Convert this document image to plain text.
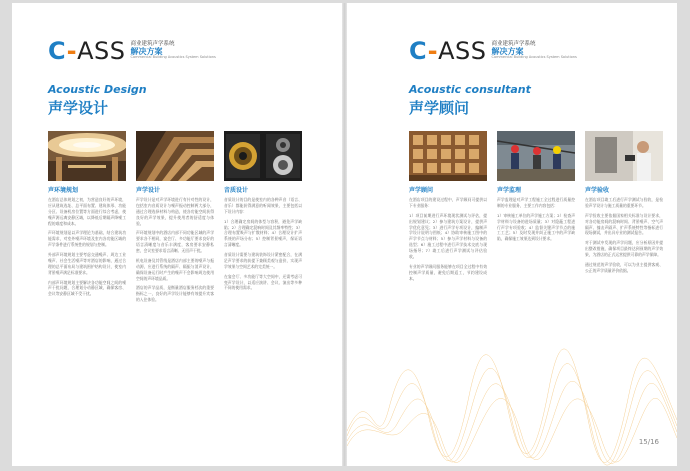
C-ASS 商业建筑声学系统
解决方案
Commercial Building Acoustics System Solutions
Acoustic Design
声学设计
声环境规划

在酒店总体规划之初，为营造良好的声环境，应从建筑选址、总平面布置、建筑体形、功能分区、设备机房位置等方面进行综合考虑，使噪声源远离安静区域，以降低后期隔声降噪工程的难度和成本。

声环境规划是以声学理论为基础，结合建筑功能需求，对室外噪声环境及室内各功能区域的声学条件进行系统性的规划与控制。

外部声环境规划主要考虑交通噪声、周边工业噪声、社会生活噪声等对酒店的影响，通过合理的总平面布局与建筑围护结构设计，使室内背景噪声满足标准要求。

内部声环境规划主要解决各功能空间之间的噪声干扰问题，合理划分动静区域，确保客房、会议等安静区域不受干扰。

声学设计

声学设计是对声学环境进行有针对性的设计，包括室内音质设计与噪声振动控制两大部分，通过合理选择材料与构造，使各功能空间获得良好的声学效果，提升使用者的舒适度与体验。

声环境规划中的酒店内部不同功能区域的声学要求各不相同，宴会厅、多功能厅要求良好的语言清晰度与音乐丰满度，客房要求安静私密，会议室要求语言清晰、无回声干扰。

机电设备及其管线是酒店内部主要的噪声与振动源，应进行系统的隔声、隔振与消声设计，确保设备运行时产生的噪声不会影响周边使用空间的声环境品质。

酒店的声学品质，是衡量酒店服务档次的重要指标之一，良好的声学设计能够有效提升宾客的入住体验。

音质设计

音质设计的目的是使室内的各种声音（语言、音乐）都能获得满意的听闻效果，主要包括以下设计内容：

1）合理确定房间的体型与容积，避免声学缺陷；2）合理确定混响时间及其频率特性；3）合理布置吸声与扩散材料；4）合理设计扩声系统的声场分布；5）控制背景噪声，保证语言清晰度。

音质设计需要与建筑装饰设计紧密配合，在满足声学要求的前提下兼顾美观与造价，实现声学效果与空间艺术的完美统一。

在宴会厅、多功能厅等大空间中，还需考虑可变声学设计，以适应演讲、会议、演出等多种不同的使用需求。

C-ASS 商业建筑声学系统
解决方案
Commercial Building Acoustics System Solutions
Acoustic consultant
声学顾问
声学顾问

在酒店项目的建设过程中，声学顾问可提供以下专业服务：

1）项目前期进行声环境现状测试与评估，提出规划建议；2）参与建筑方案设计，提供声学优化意见；3）进行声学专项设计，编制声学设计说明与图纸；4）协助审核施工图中的声学节点与材料；5）参与声学材料与设备的选型；6）施工过程中进行声学技术交底与现场指导；7）竣工后进行声学测试与评估验收。

专业的声学顾问服务能够在项目全过程中有效控制声学质量，避免后期返工，节约建设成本。

声学监理

声学监理是对声学工程施工全过程进行质量控制的专业服务，主要工作内容包括：

1）审核施工单位的声学施工方案；2）检查声学材料与设备的进场质量；3）对隐蔽工程进行声学专项验收；4）监督关键声学节点的施工工艺；5）及时发现并纠正施工中的声学缺陷，确保施工效果达到设计要求。

声学验收

在酒店项目竣工后进行声学测试与验收，是检验声学设计与施工质量的重要环节。

声学验收主要依据国家相关标准与设计要求，对各功能房间的混响时间、背景噪声、空气声隔声、撞击声隔声、扩声系统特性等指标进行现场测试，并出具专业的测试报告。

对于测试中发现的声学问题，应分析原因并提出整改措施，确保项目最终达到预期的声学效果，为酒店的正式运营提供可靠的声学保障。

通过规范的声学验收，可以为业主提供客观、公正的声学质量评价依据。

15/16
